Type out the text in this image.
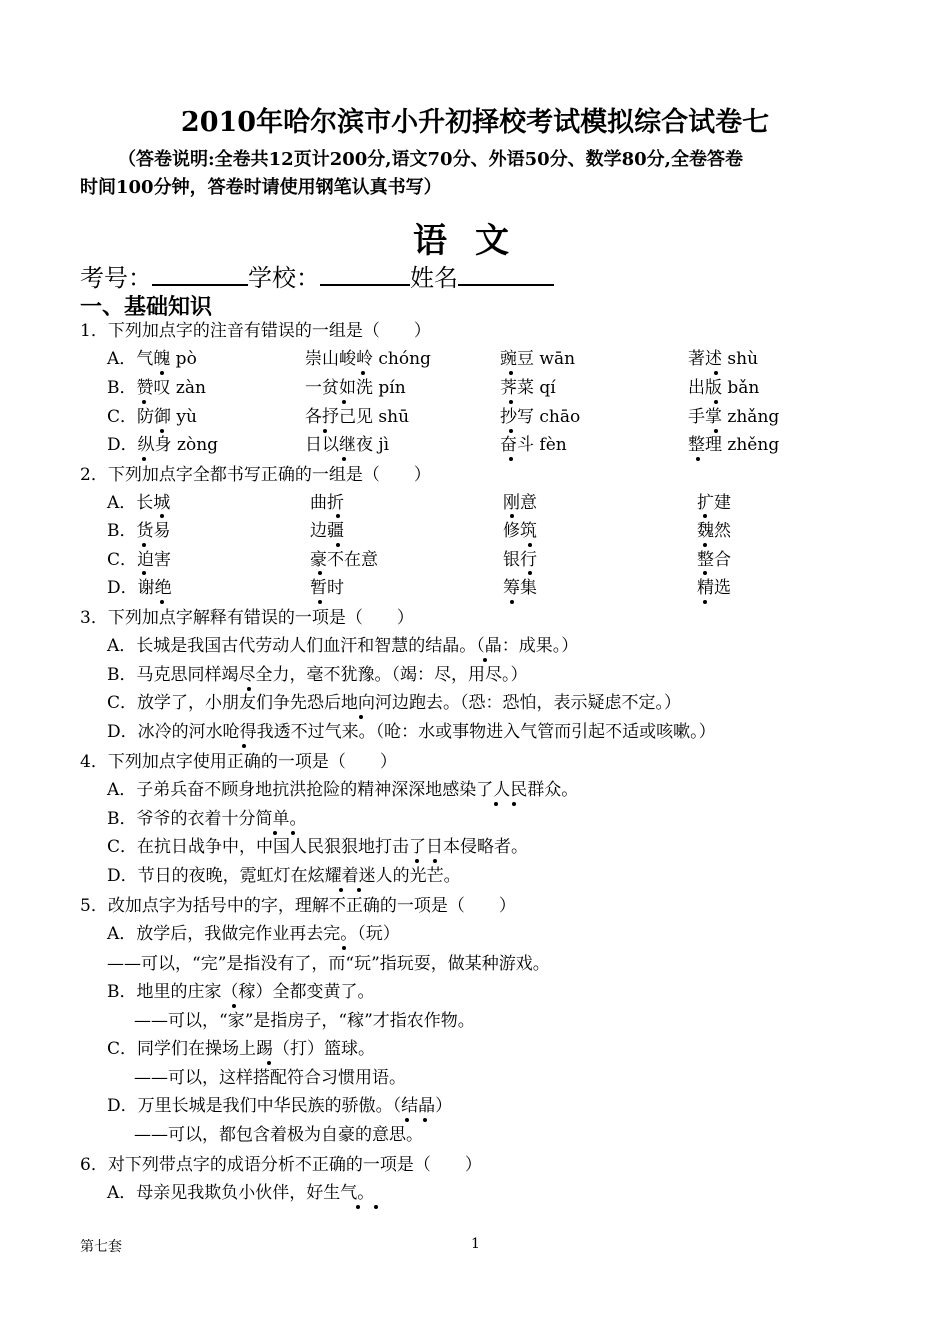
2010年哈尔滨市小升初择校考试模拟综合试卷七
（答卷说明:全卷共12页计200分,语文70分、外语50分、数学80分,全卷答卷
时间100分钟，答卷时请使用钢笔认真书写）
语文
考号：	学校：	姓名
一、基础知识
1．下列加点字的注音有错误的一组是（　　）
A．气魄 pò	崇山峻岭 chóng	豌豆 wān	著述 shù
B．赞叹 zàn	一贫如洗 pín	荠菜 qí	出版 bǎn
C．防御 yù	各抒己见 shū	抄写 chāo	手掌 zhǎng
D．纵身 zòng	日以继夜 jì	奋斗 fèn	整理 zhěng
2．下列加点字全都书写正确的一组是（　　）
A．长城	曲折	刚意	扩建
B．货易	边疆	修筑	魏然
C．迫害	豪不在意	银行	整合
D．谢绝	暂时	筹集	精选
3．下列加点字解释有错误的一项是（　　）
A．长城是我国古代劳动人们血汗和智慧的结晶。（晶：成果。）
B．马克思同样竭尽全力，毫不犹豫。（竭：尽，用尽。）
C．放学了，小朋友们争先恐后地向河边跑去。（恐：恐怕，表示疑虑不定。）
D．冰冷的河水呛得我透不过气来。（呛：水或事物进入气管而引起不适或咳嗽。）
4．下列加点字使用正确的一项是（　　）
A．子弟兵奋不顾身地抗洪抢险的精神深深地感染了人民群众。
B．爷爷的衣着十分简单。
C．在抗日战争中，中国人民狠狠地打击了日本侵略者。
D．节日的夜晚，霓虹灯在炫耀着迷人的光芒。
5．改加点字为括号中的字，理解不正确的一项是（　　）
A．放学后，我做完作业再去完。（玩）
——可以，“完”是指没有了，而“玩”指玩耍，做某种游戏。
B．地里的庄家（稼）全都变黄了。
——可以，“家”是指房子，“稼”才指农作物。
C．同学们在操场上踢（打）篮球。
——可以，这样搭配符合习惯用语。
D．万里长城是我们中华民族的骄傲。（结晶）
——可以，都包含着极为自豪的意思。
6．对下列带点字的成语分析不正确的一项是（　　）
A．母亲见我欺负小伙伴，好生气。
第七套	1
